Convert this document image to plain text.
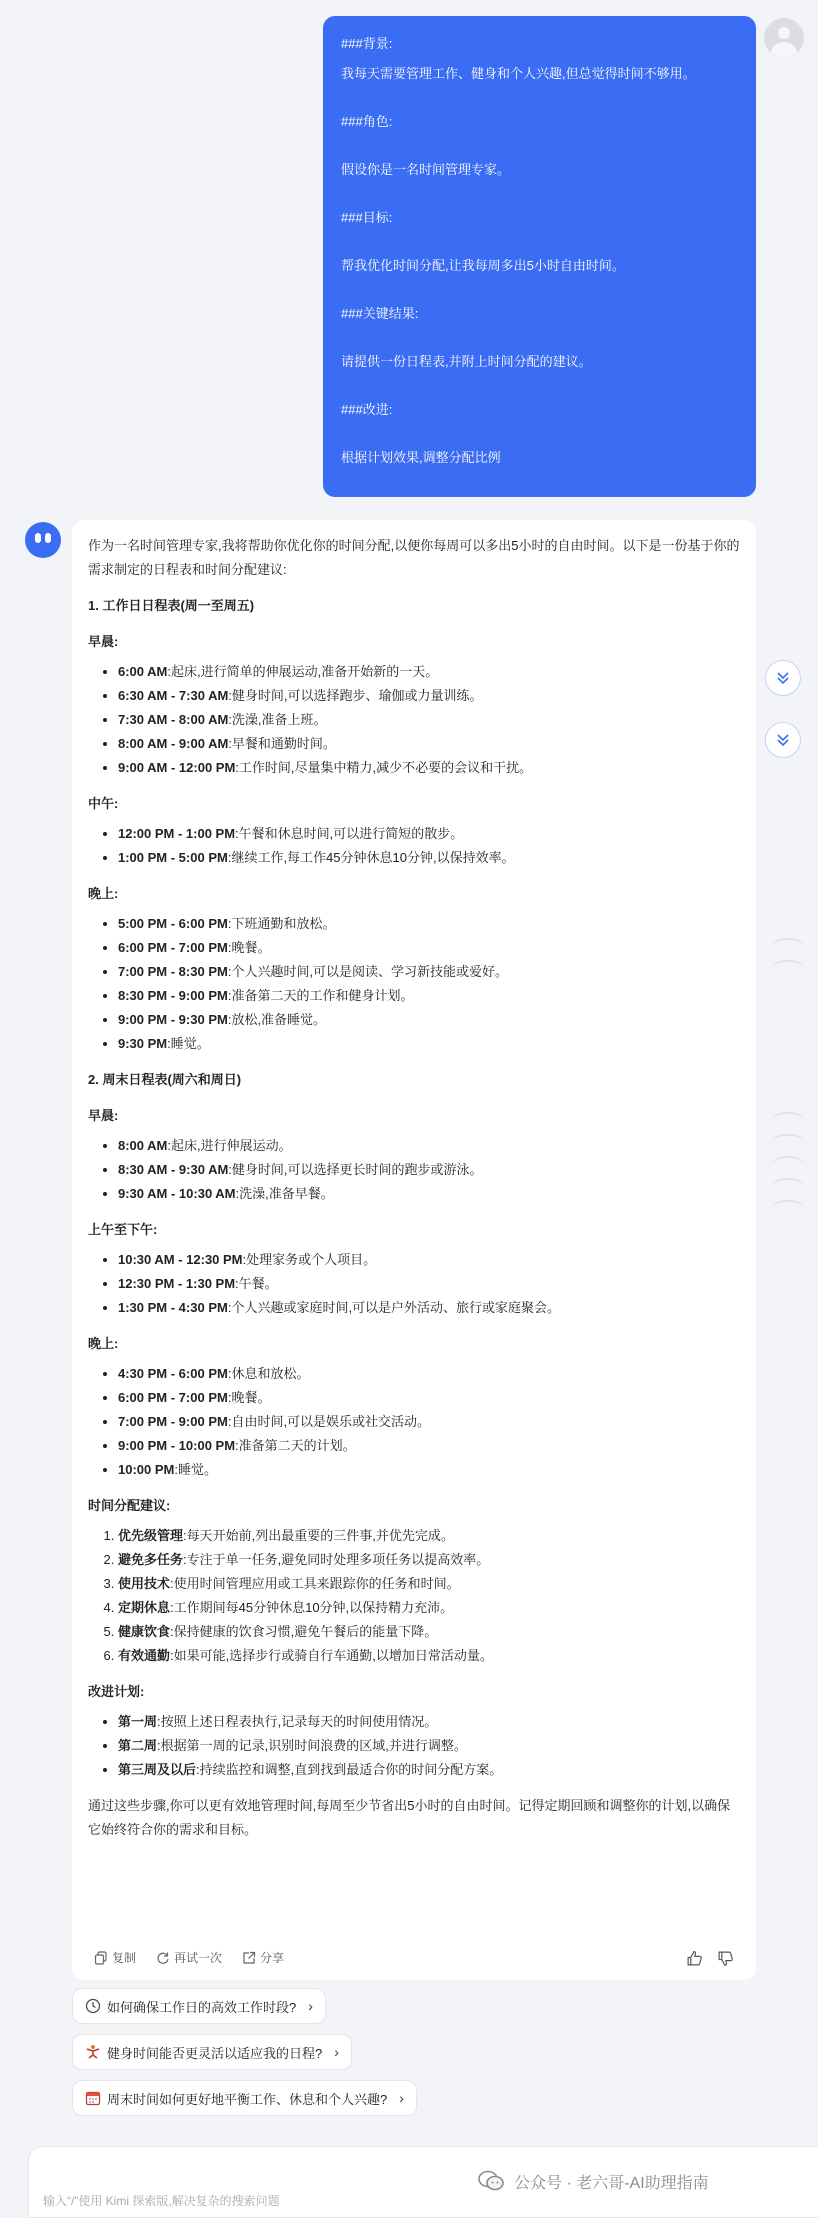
###背景:

我每天需要管理工作、健身和个人兴趣,但总觉得时间不够用。

###角色:

假设你是一名时间管理专家。

###目标:

帮我优化时间分配,让我每周多出5小时自由时间。

###关键结果:

请提供一份日程表,并附上时间分配的建议。

###改进:

根据计划效果,调整分配比例

作为一名时间管理专家,我将帮助你优化你的时间分配,以便你每周可以多出5小时的自由时间。以下是一份基于你的需求制定的日程表和时间分配建议:

1. 工作日日程表(周一至周五)
早晨:
• 6:00 AM:起床,进行简单的伸展运动,准备开始新的一天。
• 6:30 AM - 7:30 AM:健身时间,可以选择跑步、瑜伽或力量训练。
• 7:30 AM - 8:00 AM:洗澡,准备上班。
• 8:00 AM - 9:00 AM:早餐和通勤时间。
• 9:00 AM - 12:00 PM:工作时间,尽量集中精力,减少不必要的会议和干扰。
中午:
• 12:00 PM - 1:00 PM:午餐和休息时间,可以进行简短的散步。
• 1:00 PM - 5:00 PM:继续工作,每工作45分钟休息10分钟,以保持效率。
晚上:
• 5:00 PM - 6:00 PM:下班通勤和放松。
• 6:00 PM - 7:00 PM:晚餐。
• 7:00 PM - 8:30 PM:个人兴趣时间,可以是阅读、学习新技能或爱好。
• 8:30 PM - 9:00 PM:准备第二天的工作和健身计划。
• 9:00 PM - 9:30 PM:放松,准备睡觉。
• 9:30 PM:睡觉。
2. 周末日程表(周六和周日)
早晨:
• 8:00 AM:起床,进行伸展运动。
• 8:30 AM - 9:30 AM:健身时间,可以选择更长时间的跑步或游泳。
• 9:30 AM - 10:30 AM:洗澡,准备早餐。
上午至下午:
• 10:30 AM - 12:30 PM:处理家务或个人项目。
• 12:30 PM - 1:30 PM:午餐。
• 1:30 PM - 4:30 PM:个人兴趣或家庭时间,可以是户外活动、旅行或家庭聚会。
晚上:
• 4:30 PM - 6:00 PM:休息和放松。
• 6:00 PM - 7:00 PM:晚餐。
• 7:00 PM - 9:00 PM:自由时间,可以是娱乐或社交活动。
• 9:00 PM - 10:00 PM:准备第二天的计划。
• 10:00 PM:睡觉。
时间分配建议:
1. 优先级管理:每天开始前,列出最重要的三件事,并优先完成。
2. 避免多任务:专注于单一任务,避免同时处理多项任务以提高效率。
3. 使用技术:使用时间管理应用或工具来跟踪你的任务和时间。
4. 定期休息:工作期间每45分钟休息10分钟,以保持精力充沛。
5. 健康饮食:保持健康的饮食习惯,避免午餐后的能量下降。
6. 有效通勤:如果可能,选择步行或骑自行车通勤,以增加日常活动量。
改进计划:
• 第一周:按照上述日程表执行,记录每天的时间使用情况。
• 第二周:根据第一周的记录,识别时间浪费的区域,并进行调整。
• 第三周及以后:持续监控和调整,直到找到最适合你的时间分配方案。

通过这些步骤,你可以更有效地管理时间,每周至少节省出5小时的自由时间。记得定期回顾和调整你的计划,以确保它始终符合你的需求和目标。

复制	再试一次	分享
如何确保工作日的高效工作时段? ›
健身时间能否更灵活以适应我的日程? ›
周末时间如何更好地平衡工作、休息和个人兴趣? ›
输入“/”使用 Kimi 探索版,解决复杂的搜索问题
公众号 · 老六哥-AI助理指南
